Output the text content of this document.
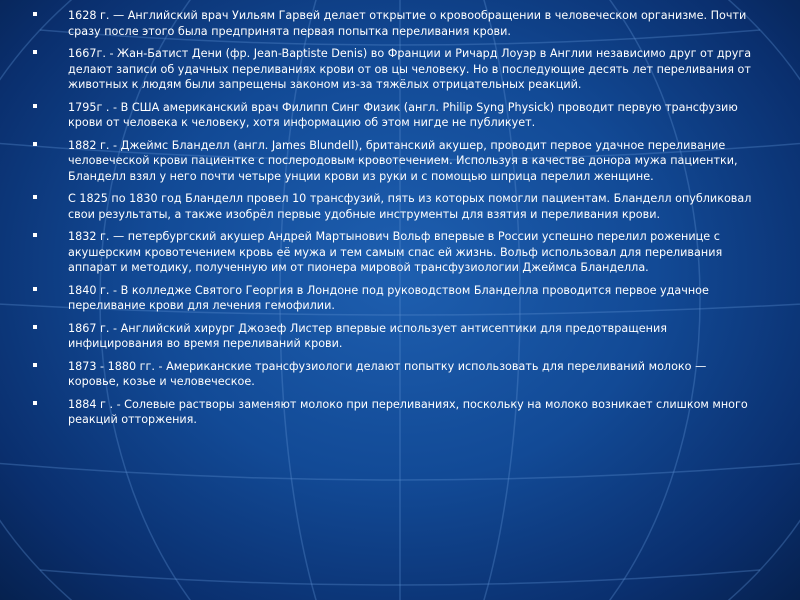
1628 г. — Английский врач Уильям Гарвей делает открытие о кровообращении в человеческом организме. Почти сразу после этого была предпринята первая попытка переливания крови.
1667г. - Жан-Батист Дени (фр. Jean-Baptiste Denis) во Франции и Ричард Лоуэр в Англии независимо друг от друга делают записи об удачных переливаниях крови от ов цы человеку. Но в последующие десять лет переливания от животных к людям были запрещены законом из-за тяжёлых отрицательных реакций.
1795г . - В США американский врач Филипп Синг Физик (англ. Philip Syng Physick) проводит первую трансфузию крови от человека к человеку, хотя информацию об этом нигде не публикует.
1882 г. - Джеймс Бланделл (англ. James Blundell), британский акушер, проводит первое удачное переливание человеческой крови пациентке с послеродовым кровотечением. Используя в качестве донора мужа пациентки, Бланделл взял у него почти четыре унции крови из руки и с помощью шприца перелил женщине.
С 1825 по 1830 год Бланделл провел 10 трансфузий, пять из которых помогли пациентам. Бланделл опубликовал свои результаты, а также изобрёл первые удобные инструменты для взятия и переливания крови.
1832 г. — петербургский акушер Андрей Мартынович Вольф впервые в России успешно перелил роженице с акушерским кровотечением кровь её мужа и тем самым спас ей жизнь. Вольф использовал для переливания аппарат и методику, полученную им от пионера мировой трансфузиологии Джеймса Бланделла.
1840 г. - В колледже Святого Георгия в Лондоне под руководством Бланделла проводится первое удачное переливание крови для лечения гемофилии.
1867 г. - Английский хирург Джозеф Листер впервые использует антисептики для предотвращения инфицирования во время переливаний крови.
1873 - 1880 гг. - Американские трансфузиологи делают попытку использовать для переливаний молоко — коровье, козье и человеческое.
1884 г . - Солевые растворы заменяют молоко при переливаниях, поскольку на молоко возникает слишком много реакций отторжения.
